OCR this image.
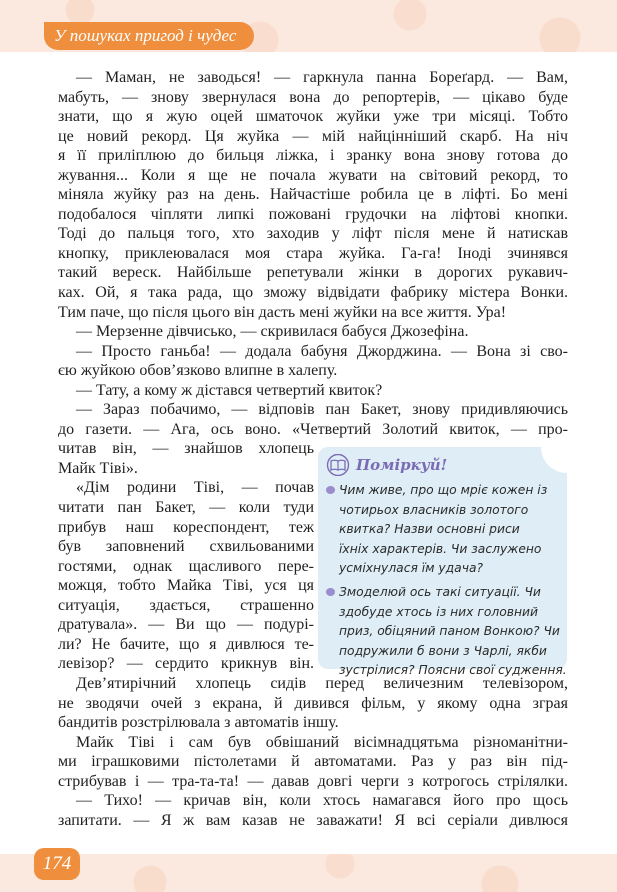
У пошуках пригод і чудес

— Маман, не заводься! — гаркнула панна Бореґард. — Вам,
мабуть, — знову звернулася вона до репортерів, — цікаво буде
знати, що я жую оцей шматочок жуйки уже три місяці. Тобто
це новий рекорд. Ця жуйка — мій найцінніший скарб. На ніч
я її приліплюю до бильця ліжка, і зранку вона знову готова до
жування... Коли я ще не почала жувати на світовий рекорд, то
міняла жуйку раз на день. Найчастіше робила це в ліфті. Бо мені
подобалося чіпляти липкі пожовані грудочки на ліфтові кнопки.
Тоді до пальця того, хто заходив у ліфт після мене й натискав
кнопку, приклеювалася моя стара жуйка. Га-га! Іноді зчинявся
такий вереск. Найбільше репетували жінки в дорогих рукавич-
ках. Ой, я така рада, що зможу відвідати фабрику містера Вонки.
Тим паче, що після цього він дасть мені жуйки на все життя. Ура!

— Мерзенне дівчисько, — скривилася бабуся Джозефіна.

— Просто ганьба! — додала бабуня Джорджина. — Вона зі сво-
єю жуйкою обов’язково влипне в халепу.

— Тату, а кому ж дістався четвертий квиток?

— Зараз побачимо, — відповів пан Бакет, знову придивляючись
до газети. — Ага, ось воно. «Четвертий Золотий квиток, — про-
читав він, — знайшов хлопець
Майк Тіві».

«Дім родини Тіві, — почав
читати пан Бакет, — коли туди
прибув наш кореспондент, теж
був заповнений схвильованими
гостями, однак щасливого пере-
можця, тобто Майка Тіві, уся ця
ситуація, здається, страшенно
дратувала». — Ви що — подурі-
ли? Не бачите, що я дивлюся те-
левізор? — сердито крикнув він.

Дев’ятирічний хлопець сидів перед величезним телевізором,
не зводячи очей з екрана, й дивився фільм, у якому одна зграя
бандитів розстрілювала з автоматів іншу.

Майк Тіві і сам був обвішаний вісімнадцятьма різноманітни-
ми іграшковими пістолетами й автоматами. Раз у раз він під-
стрибував і — тра-та-та! — давав довгі черги з котрогось стрілялки.

— Тихо! — кричав він, коли хтось намагався його про щось
запитати. — Я ж вам казав не заважати! Я всі серіали дивлюся

Поміркуй!
Чим живе, про що мріє кожен із
чотирьох власників золотого
квитка? Назви основні риси
їхніх характерів. Чи заслужено
усміхнулася їм удача?
Змоделюй ось такі ситуації. Чи
здобуде хтось із них головний
приз, обіцяний паном Вонкою? Чи
подружили б вони з Чарлі, якби
зустрілися? Поясни свої судження.
174
